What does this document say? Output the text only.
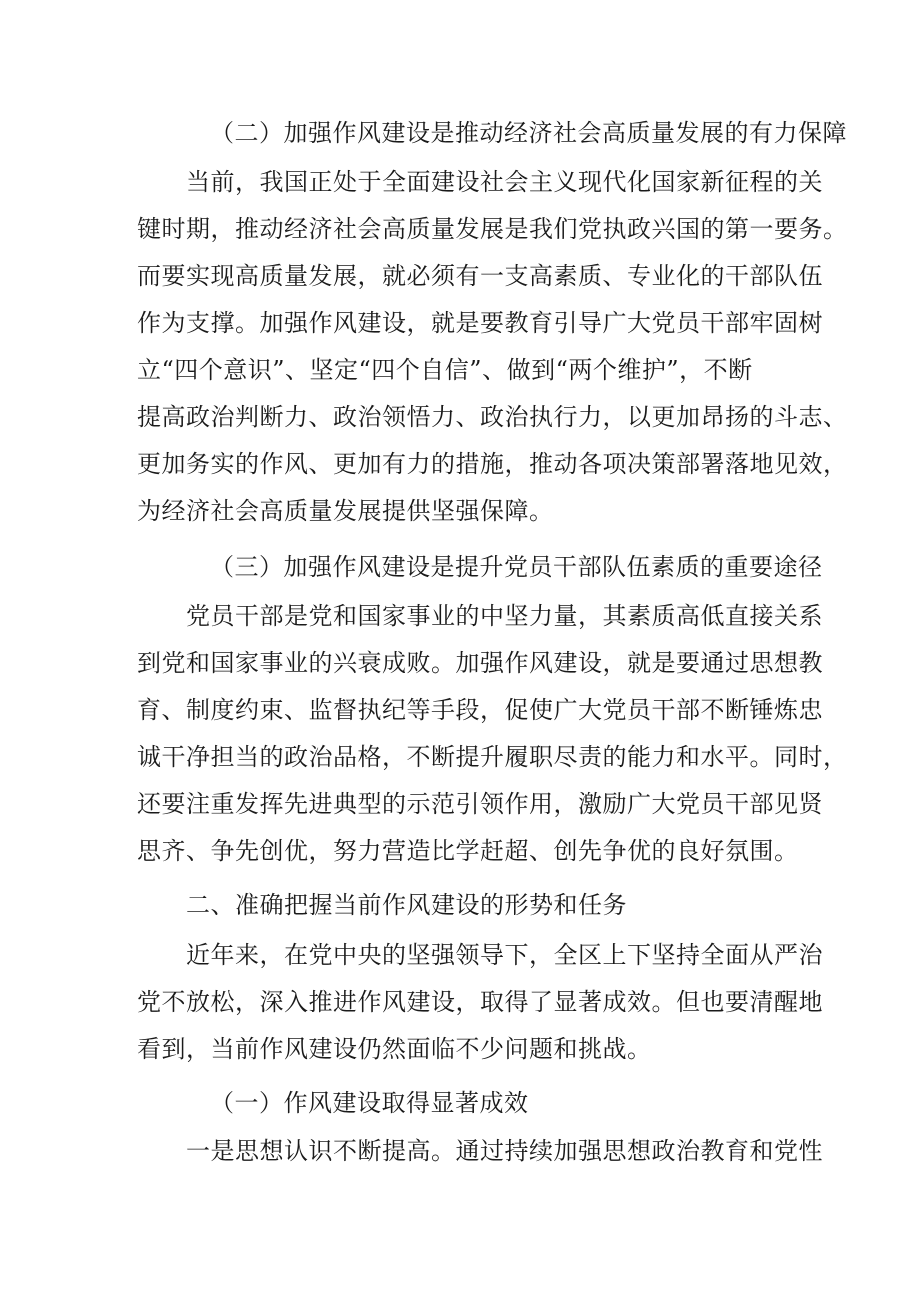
（二）加强作风建设是推动经济社会高质量发展的有力保障
当前，我国正处于全面建设社会主义现代化国家新征程的关
键时期，推动经济社会高质量发展是我们党执政兴国的第一要务。
而要实现高质量发展，就必须有一支高素质、专业化的干部队伍
作为支撑。加强作风建设，就是要教育引导广大党员干部牢固树
立“四个意识”、坚定“四个自信”、做到“两个维护”，不断
提高政治判断力、政治领悟力、政治执行力，以更加昂扬的斗志、
更加务实的作风、更加有力的措施，推动各项决策部署落地见效，
为经济社会高质量发展提供坚强保障。
（三）加强作风建设是提升党员干部队伍素质的重要途径
党员干部是党和国家事业的中坚力量，其素质高低直接关系
到党和国家事业的兴衰成败。加强作风建设，就是要通过思想教
育、制度约束、监督执纪等手段，促使广大党员干部不断锤炼忠
诚干净担当的政治品格，不断提升履职尽责的能力和水平。同时，
还要注重发挥先进典型的示范引领作用，激励广大党员干部见贤
思齐、争先创优，努力营造比学赶超、创先争优的良好氛围。
二、准确把握当前作风建设的形势和任务
近年来，在党中央的坚强领导下，全区上下坚持全面从严治
党不放松，深入推进作风建设，取得了显著成效。但也要清醒地
看到，当前作风建设仍然面临不少问题和挑战。
（一）作风建设取得显著成效
一是思想认识不断提高。通过持续加强思想政治教育和党性
